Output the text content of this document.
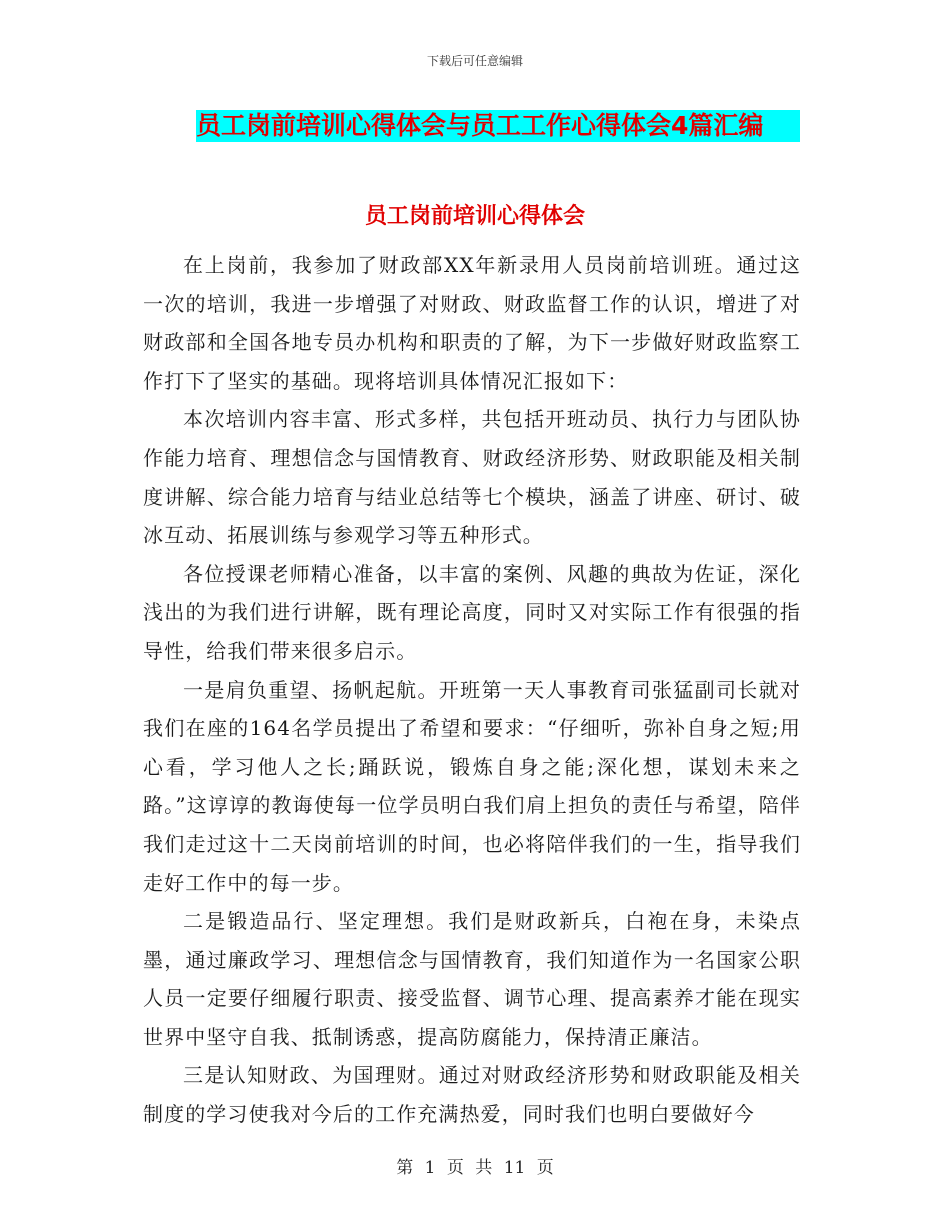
下载后可任意编辑
员工岗前培训心得体会与员工工作心得体会4篇汇编
员工岗前培训心得体会

在上岗前，我参加了财政部XX年新录用人员岗前培训班。通过这一次的培训，我进一步增强了对财政、财政监督工作的认识，增进了对财政部和全国各地专员办机构和职责的了解，为下一步做好财政监察工作打下了坚实的基础。现将培训具体情况汇报如下：

本次培训内容丰富、形式多样，共包括开班动员、执行力与团队协作能力培育、理想信念与国情教育、财政经济形势、财政职能及相关制度讲解、综合能力培育与结业总结等七个模块，涵盖了讲座、研讨、破冰互动、拓展训练与参观学习等五种形式。

各位授课老师精心准备，以丰富的案例、风趣的典故为佐证，深化浅出的为我们进行讲解，既有理论高度，同时又对实际工作有很强的指导性，给我们带来很多启示。

一是肩负重望、扬帆起航。开班第一天人事教育司张猛副司长就对我们在座的164名学员提出了希望和要求：“仔细听，弥补自身之短;用心看，学习他人之长;踊跃说，锻炼自身之能;深化想，谋划未来之路。”这谆谆的教诲使每一位学员明白我们肩上担负的责任与希望，陪伴我们走过这十二天岗前培训的时间，也必将陪伴我们的一生，指导我们走好工作中的每一步。

二是锻造品行、坚定理想。我们是财政新兵，白袍在身，未染点墨，通过廉政学习、理想信念与国情教育，我们知道作为一名国家公职人员一定要仔细履行职责、接受监督、调节心理、提高素养才能在现实世界中坚守自我、抵制诱惑，提高防腐能力，保持清正廉洁。

三是认知财政、为国理财。通过对财政经济形势和财政职能及相关制度的学习使我对今后的工作充满热爱，同时我们也明白要做好今

第 1 页 共 11 页
